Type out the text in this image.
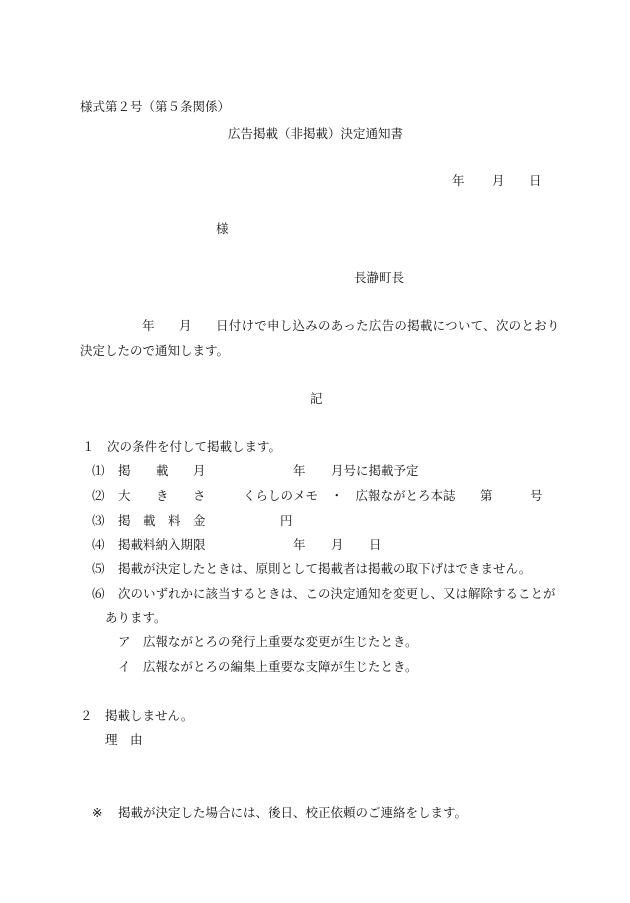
様式第２号（第５条関係）
広告掲載（非掲載）決定通知書
年 月 日
様
長瀞町長
年 月 日付けで申し込みのあった広告の掲載について、次のとおり
決定したので通知します。
記
１　次の条件を付して掲載します。
⑴ 掲 載 月	年 月号に掲載予定
⑵ 大 き さ	くらしのメモ　・　広報ながとろ本誌 第	号
⑶ 掲 載 料 金	円
⑷ 掲載料納入期限	年 月 日
⑸ 掲載が決定したときは、原則として掲載者は掲載の取下げはできません。
⑹ 次のいずれかに該当するときは、この決定通知を変更し、又は解除することが
あります。
ア 広報ながとろの発行上重要な変更が生じたとき。
イ 広報ながとろの編集上重要な支障が生じたとき。
２　掲載しません。
理 由
※ 掲載が決定した場合には、後日、校正依頼のご連絡をします。
